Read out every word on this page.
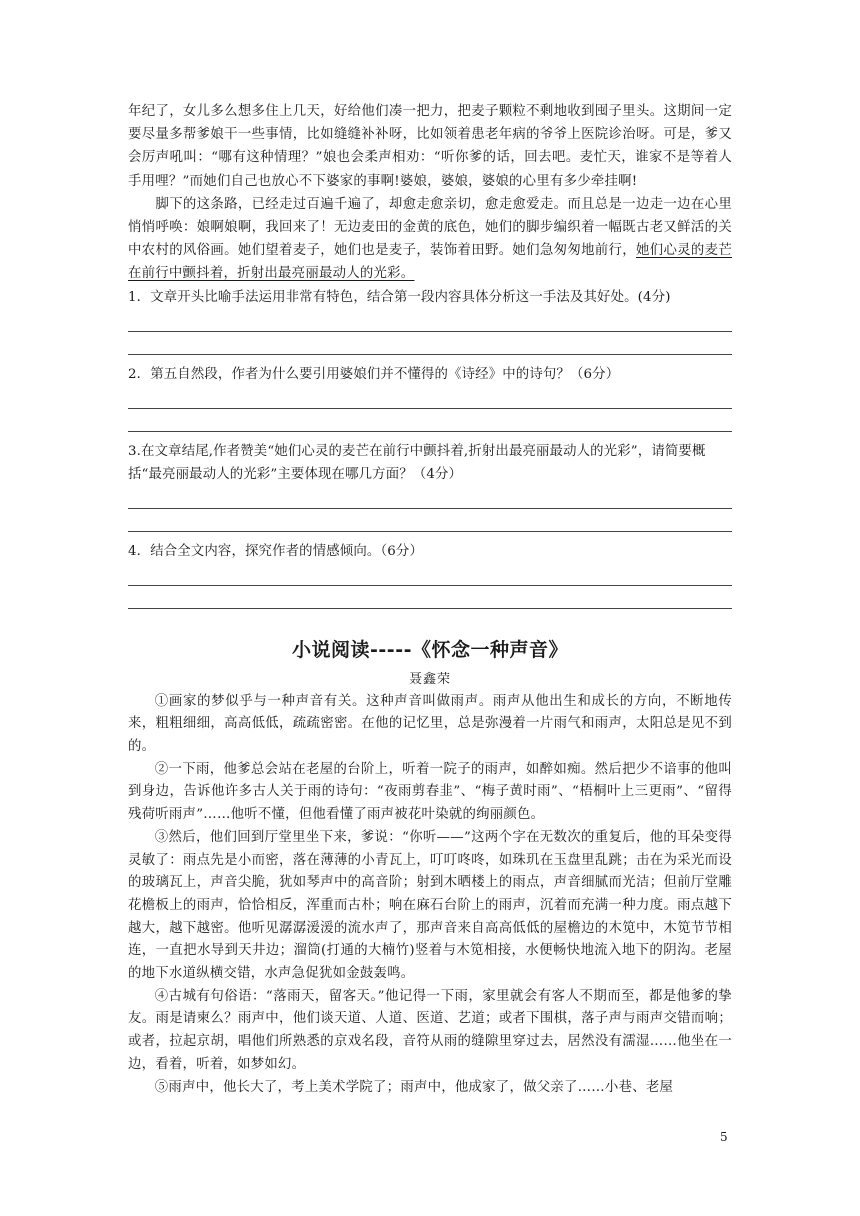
年纪了，女儿多么想多住上几天，好给他们凑一把力，把麦子颗粒不剩地收到囤子里头。这期间一定要尽量多帮爹娘干一些事情，比如缝缝补补呀，比如领着患老年病的爷爷上医院诊治呀。可是，爹又会厉声吼叫：“哪有这种情理？”娘也会柔声相劝：“听你爹的话，回去吧。麦忙天，谁家不是等着人手用哩？”而她们自己也放心不下婆家的事啊!婆娘，婆娘，婆娘的心里有多少牵挂啊!

　　脚下的这条路，已经走过百遍千遍了，却愈走愈亲切，愈走愈爱走。而且总是一边走一边在心里悄悄呼唤：娘啊娘啊，我回来了！无边麦田的金黄的底色，她们的脚步编织着一幅既古老又鲜活的关中农村的风俗画。她们望着麦子，她们也是麦子，装饰着田野。她们急匆匆地前行，她们心灵的麦芒在前行中颤抖着，折射出最亮丽最动人的光彩。

1．文章开头比喻手法运用非常有特色，结合第一段内容具体分析这一手法及其好处。(4分)

2．第五自然段，作者为什么要引用婆娘们并不懂得的《诗经》中的诗句？（6分）

3.在文章结尾,作者赞美“她们心灵的麦芒在前行中颤抖着,折射出最亮丽最动人的光彩”，请简要概括“最亮丽最动人的光彩”主要体现在哪几方面？（4分）

4．结合全文内容，探究作者的情感倾向。（6分）

小说阅读-----《怀念一种声音》
聂鑫荣

①画家的梦似乎与一种声音有关。这种声音叫做雨声。雨声从他出生和成长的方向，不断地传来，粗粗细细，高高低低，疏疏密密。在他的记忆里，总是弥漫着一片雨气和雨声，太阳总是见不到的。

②一下雨，他爹总会站在老屋的台阶上，听着一院子的雨声，如醉如痴。然后把少不谙事的他叫到身边，告诉他许多古人关于雨的诗句：“夜雨剪春韭”、“梅子黄时雨”、“梧桐叶上三更雨”、“留得残荷听雨声”……他听不懂，但他看懂了雨声被花叶染就的绚丽颜色。

③然后，他们回到厅堂里坐下来，爹说：“你听——”这两个字在无数次的重复后，他的耳朵变得灵敏了：雨点先是小而密，落在薄薄的小青瓦上，叮叮咚咚，如珠玑在玉盘里乱跳；击在为采光而设的玻璃瓦上，声音尖脆，犹如琴声中的高音阶；射到木晒楼上的雨点，声音细腻而光洁；但前厅堂雕花檐板上的雨声，恰恰相反，浑重而古朴；响在麻石台阶上的雨声，沉着而充满一种力度。雨点越下越大，越下越密。他听见潺潺湲湲的流水声了，那声音来自高高低低的屋檐边的木笕中，木笕节节相连，一直把水导到天井边；溜筒(打通的大楠竹)竖着与木笕相接，水便畅快地流入地下的阴沟。老屋的地下水道纵横交错，水声急促犹如金鼓轰鸣。

④古城有句俗语：“落雨天，留客天。”他记得一下雨，家里就会有客人不期而至，都是他爹的挚友。雨是请柬么？雨声中，他们谈天道、人道、医道、艺道；或者下围棋，落子声与雨声交错而响；或者，拉起京胡，唱他们所熟悉的京戏名段，音符从雨的缝隙里穿过去，居然没有濡湿……他坐在一边，看着，听着，如梦如幻。

⑤雨声中，他长大了，考上美术学院了；雨声中，他成家了，做父亲了……小巷、老屋

5
